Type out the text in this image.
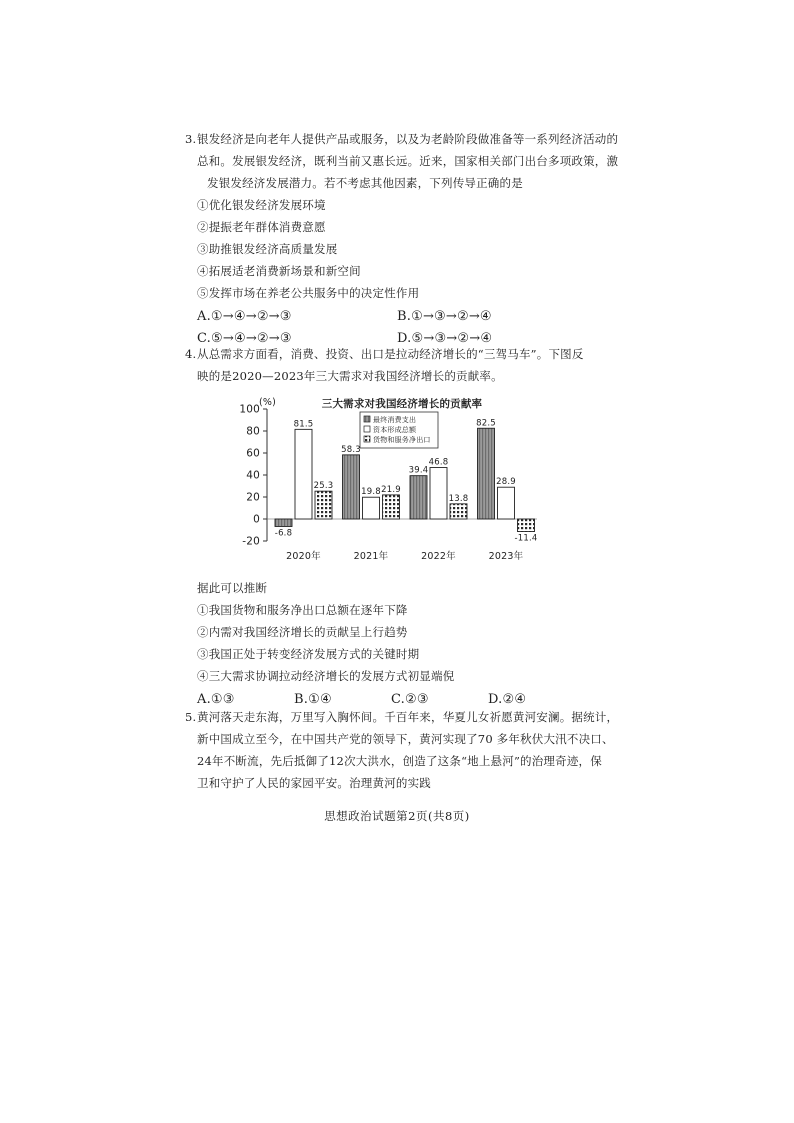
3.银发经济是向老年人提供产品或服务，以及为老龄阶段做准备等一系列经济活动的
总和。发展银发经济，既利当前又惠长远。近来，国家相关部门出台多项政策，激
发银发经济发展潜力。若不考虑其他因素，下列传导正确的是
①优化银发经济发展环境
②提振老年群体消费意愿
③助推银发经济高质量发展
④拓展适老消费新场景和新空间
⑤发挥市场在养老公共服务中的决定性作用
A.①→④→②→③	B.①→③→②→④
C.⑤→④→②→③	D.⑤→③→②→④
4.从总需求方面看，消费、投资、出口是拉动经济增长的“三驾马车”。下图反
映的是2020—2023年三大需求对我国经济增长的贡献率。
(%)
-20
0
20
40
60
80
100	三大需求对我国经济增长的贡献率
最终消费支出
资本形成总额
货物和服务净出口
-6.8
81.5
25.3
2020年
58.3
19.8 21.9
2021年
39.4
46.8
13.8
2022年
82.5
28.9
-11.4
2023年
据此可以推断
①我国货物和服务净出口总额在逐年下降
②内需对我国经济增长的贡献呈上行趋势
③我国正处于转变经济发展方式的关键时期
④三大需求协调拉动经济增长的发展方式初显端倪
A.①③	B.①④	C.②③	D.②④
5.黄河落天走东海，万里写入胸怀间。千百年来，华夏儿女祈愿黄河安澜。据统计，
新中国成立至今，在中国共产党的领导下，黄河实现了70 多年秋伏大汛不决口、
24年不断流，先后抵御了12次大洪水，创造了这条“地上悬河”的治理奇迹，保
卫和守护了人民的家园平安。治理黄河的实践
思想政治试题第2页(共8页)
